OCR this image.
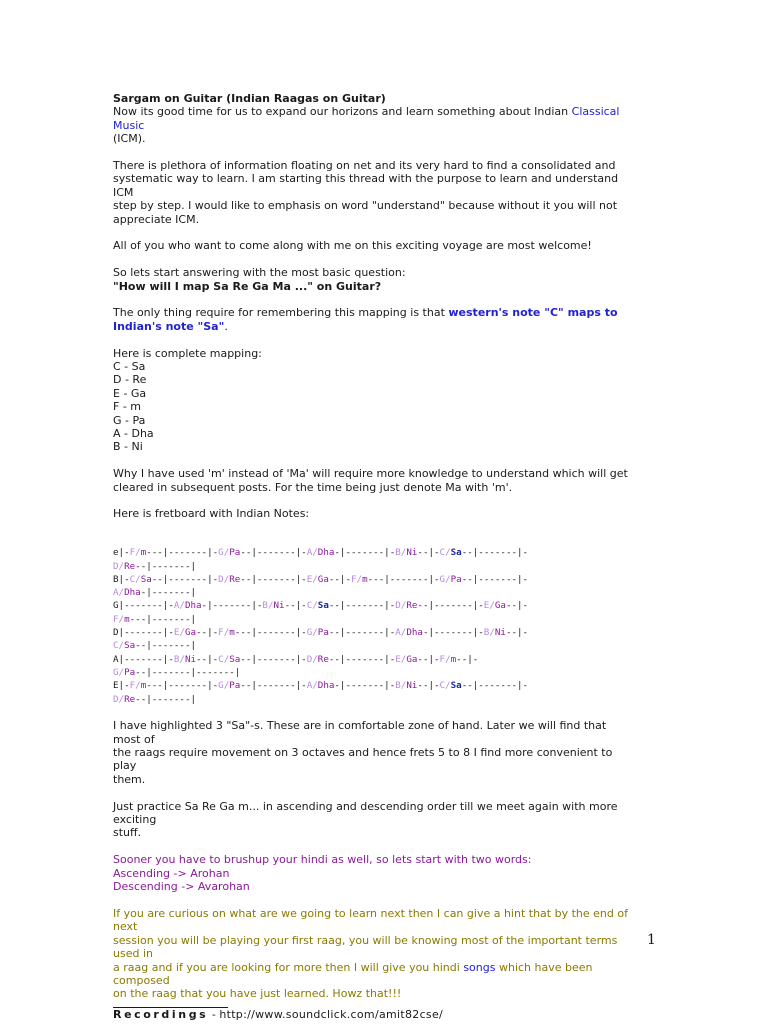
Sargam on Guitar (Indian Raagas on Guitar)

Now its good time for us to expand our horizons and learn something about Indian Classical Music

(ICM).

There is plethora of information floating on net and its very hard to find a consolidated and

systematic way to learn. I am starting this thread with the purpose to learn and understand ICM

step by step. I would like to emphasis on word "understand" because without it you will not

appreciate ICM.

All of you who want to come along with me on this exciting voyage are most welcome!

So lets start answering with the most basic question:

"How will I map Sa Re Ga Ma ..." on Guitar?

The only thing require for remembering this mapping is that western's note "C" maps to

Indian's note "Sa".

Here is complete mapping:

C - Sa

D - Re

E - Ga

F - m

G - Pa

A - Dha

B - Ni

Why I have used 'm' instead of 'Ma' will require more knowledge to understand which will get

cleared in subsequent posts. For the time being just denote Ma with 'm'.

Here is fretboard with Indian Notes:

e|-F/m---|-------|-G/Pa--|-------|-A/Dha-|-------|-B/Ni--|-C/Sa--|-------|-

D/Re--|-------|

B|-C/Sa--|-------|-D/Re--|-------|-E/Ga--|-F/m---|-------|-G/Pa--|-------|-

A/Dha-|-------|

G|-------|-A/Dha-|-------|-B/Ni--|-C/Sa--|-------|-D/Re--|-------|-E/Ga--|-

F/m---|-------|

D|-------|-E/Ga--|-F/m---|-------|-G/Pa--|-------|-A/Dha-|-------|-B/Ni--|-

C/Sa--|-------|

A|-------|-B/Ni--|-C/Sa--|-------|-D/Re--|-------|-E/Ga--|-F/m--|-

G/Pa--|-------|-------|

E|-F/m---|-------|-G/Pa--|-------|-A/Dha-|-------|-B/Ni--|-C/Sa--|-------|-

D/Re--|-------|

I have highlighted 3 "Sa"-s. These are in comfortable zone of hand. Later we will find that most of

the raags require movement on 3 octaves and hence frets 5 to 8 I find more convenient to play

them.

Just practice Sa Re Ga m... in ascending and descending order till we meet again with more exciting

stuff.

Sooner you have to brushup your hindi as well, so lets start with two words:

Ascending -> Arohan

Descending -> Avarohan

If you are curious on what are we going to learn next then I can give a hint that by the end of next

session you will be playing your first raag, you will be knowing most of the important terms used in

a raag and if you are looking for more then I will give you hindi songs which have been composed

on the raag that you have just learned. Howz that!!!

Recordings - http://www.soundclick.com/amit82cse/

1
